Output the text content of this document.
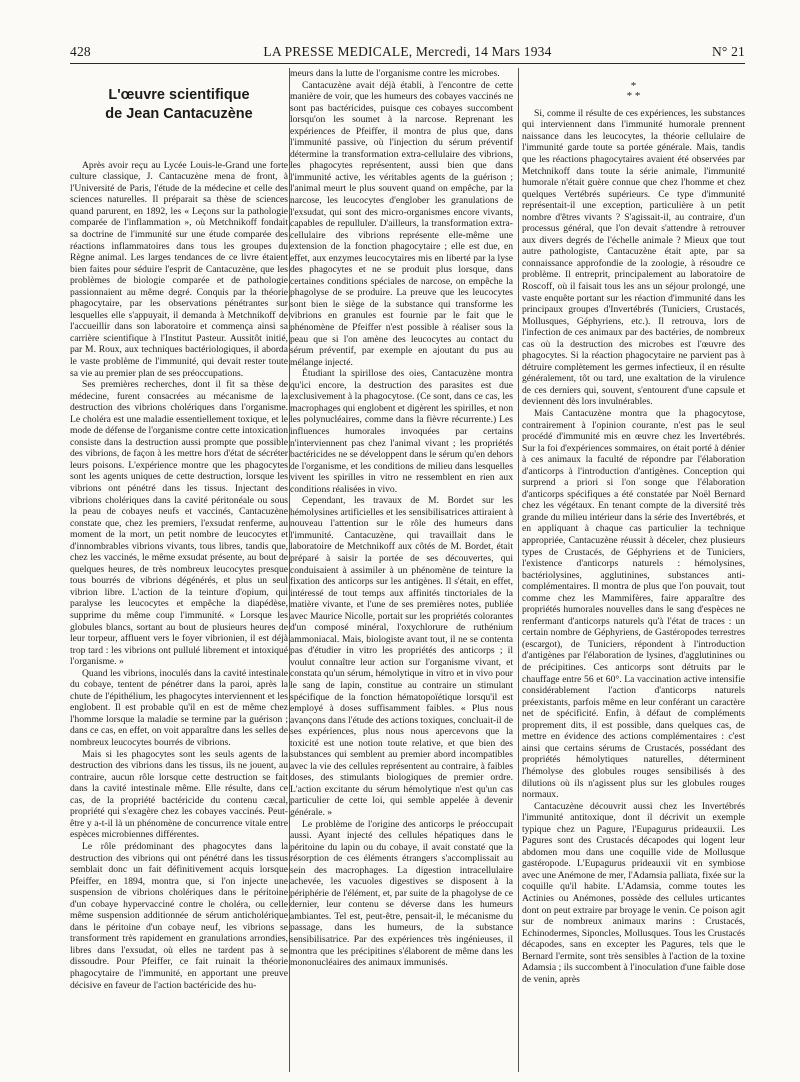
428	LA PRESSE MEDICALE, Mercredi, 14 Mars 1934	N° 21
L'œuvre scientifique
de Jean Cantacuzène

Après avoir reçu au Lycée Louis-le-Grand une forte culture classique, J. Cantacuzène mena de front, à l'Université de Paris, l'étude de la médecine et celle des sciences naturelles. Il préparait sa thèse de sciences quand parurent, en 1892, les « Leçons sur la pathologie comparée de l'inflammation », où Metchnikoff fondait sa doctrine de l'immunité sur une étude comparée des réactions inflammatoires dans tous les groupes du Règne animal. Les larges tendances de ce livre étaient bien faites pour séduire l'esprit de Cantacuzène, que les problèmes de biologie comparée et de pathologie passionnaient au même degré. Conquis par la théorie phagocytaire, par les observations pénétrantes sur lesquelles elle s'appuyait, il demanda à Metchnikoff de l'accueillir dans son laboratoire et commença ainsi sa carrière scientifique à l'Institut Pasteur. Aussitôt initié, par M. Roux, aux techniques bactériologiques, il aborda le vaste problème de l'immunité, qui devait rester toute sa vie au premier plan de ses préoccupations.

Ses premières recherches, dont il fit sa thèse de médecine, furent consacrées au mécanisme de la destruction des vibrions cholériques dans l'organisme. Le choléra est une maladie essentiellement toxique, et le mode de défense de l'organisme contre cette intoxication consiste dans la destruction aussi prompte que possible des vibrions, de façon à les mettre hors d'état de sécréter leurs poisons. L'expérience montre que les phagocytes sont les agents uniques de cette destruction, lorsque les vibrions ont pénétré dans les tissus. Injectant des vibrions cholériques dans la cavité péritonéale ou sous la peau de cobayes neufs et vaccinés, Cantacuzène constate que, chez les premiers, l'exsudat renferme, au moment de la mort, un petit nombre de leucocytes et d'innombrables vibrions vivants, tous libres, tandis que, chez les vaccinés, le même exsudat présente, au bout de quelques heures, de très nombreux leucocytes presque tous bourrés de vibrions dégénérés, et plus un seul vibrion libre. L'action de la teinture d'opium, qui paralyse les leucocytes et empêche la diapédèse, supprime du même coup l'immunité. « Lorsque les globules blancs, sortant au bout de plusieurs heures de leur torpeur, affluent vers le foyer vibrionien, il est déjà trop tard : les vibrions ont pullulé librement et intoxiqué l'organisme. »

Quand les vibrions, inoculés dans la cavité intestinale du cobaye, tentent de pénétrer dans la paroi, après la chute de l'épithélium, les phagocytes interviennent et les englobent. Il est probable qu'il en est de même chez l'homme lorsque la maladie se termine par la guérison ; dans ce cas, en effet, on voit apparaître dans les selles de nombreux leucocytes bourrés de vibrions.

Mais si les phagocytes sont les seuls agents de la destruction des vibrions dans les tissus, ils ne jouent, au contraire, aucun rôle lorsque cette destruction se fait dans la cavité intestinale même. Elle résulte, dans ce cas, de la propriété bactéricide du contenu cæcal, propriété qui s'exagère chez les cobayes vaccinés. Peut-être y a-t-il là un phénomène de concurrence vitale entre espèces microbiennes différentes.

Le rôle prédominant des phagocytes dans la destruction des vibrions qui ont pénétré dans les tissus semblait donc un fait définitivement acquis lorsque Pfeiffer, en 1894, montra que, si l'on injecte une suspension de vibrions cholériques dans le péritoine d'un cobaye hypervacciné contre le choléra, ou celle même suspension additionnée de sérum anticholérique dans le péritoine d'un cobaye neuf, les vibrions se transforment très rapidement en granulations arrondies, libres dans l'exsudat, où elles ne tardent pas à se dissoudre. Pour Pfeiffer, ce fait ruinait la théorie phagocytaire de l'immunité, en apportant une preuve décisive en faveur de l'action bactéricide des hu-

meurs dans la lutte de l'organisme contre les microbes.

Cantacuzène avait déjà établi, à l'encontre de cette manière de voir, que les humeurs des cobayes vaccinés ne sont pas bactéricides, puisque ces cobayes succombent lorsqu'on les soumet à la narcose. Reprenant les expériences de Pfeiffer, il montra de plus que, dans l'immunité passive, où l'injection du sérum préventif détermine la transformation extra-cellulaire des vibrions, les phagocytes représentent, aussi bien que dans l'immunité active, les véritables agents de la guérison ; l'animal meurt le plus souvent quand on empêche, par la narcose, les leucocytes d'englober les granulations de l'exsudat, qui sont des micro-organismes encore vivants, capables de repulluler. D'ailleurs, la transformation extra-cellulaire des vibrions représente elle-même une extension de la fonction phagocytaire ; elle est due, en effet, aux enzymes leucocytaires mis en liberté par la lyse des phagocytes et ne se produit plus lorsque, dans certaines conditions spéciales de narcose, on empêche la phagolyse de se produire. La preuve que les leucocytes sont bien le siège de la substance qui transforme les vibrions en granules est fournie par le fait que le phénomène de Pfeiffer n'est possible à réaliser sous la peau que si l'on amène des leucocytes au contact du sérum préventif, par exemple en ajoutant du pus au mélange injecté.

Étudiant la spirillose des oies, Cantacuzène montra qu'ici encore, la destruction des parasites est due exclusivement à la phagocytose. (Ce sont, dans ce cas, les macrophages qui englobent et digèrent les spirilles, et non les polynucléaires, comme dans la fièvre récurrente.) Les influences humorales invoquées par certains n'interviennent pas chez l'animal vivant ; les propriétés bactéricides ne se développent dans le sérum qu'en dehors de l'organisme, et les conditions de milieu dans lesquelles vivent les spirilles in vitro ne ressemblent en rien aux conditions réalisées in vivo.

Cependant, les travaux de M. Bordet sur les hémolysines artificielles et les sensibilisatrices attiraient à nouveau l'attention sur le rôle des humeurs dans l'immunité. Cantacuzène, qui travaillait dans le laboratoire de Metchnikoff aux côtés de M. Bordet, était préparé à saisir la portée de ses découvertes, qui conduisaient à assimiler à un phénomène de teinture la fixation des anticorps sur les antigènes. Il s'était, en effet, intéressé de tout temps aux affinités tinctoriales de la matière vivante, et l'une de ses premières notes, publiée avec Maurice Nicolle, portait sur les propriétés colorantes d'un composé minéral, l'oxychlorure de ruthénium ammoniacal. Mais, biologiste avant tout, il ne se contenta pas d'étudier in vitro les propriétés des anticorps ; il voulut connaître leur action sur l'organisme vivant, et constata qu'un sérum, hémolytique in vitro et in vivo pour le sang de lapin, constitue au contraire un stimulant spécifique de la fonction hématopoïétique lorsqu'il est employé à doses suffisamment faibles. « Plus nous avançons dans l'étude des actions toxiques, concluait-il de ses expériences, plus nous nous apercevons que la toxicité est une notion toute relative, et que bien des substances qui semblent au premier abord incompatibles avec la vie des cellules représentent au contraire, à faibles doses, des stimulants biologiques de premier ordre. L'action excitante du sérum hémolytique n'est qu'un cas particulier de cette loi, qui semble appelée à devenir générale. »

Le problème de l'origine des anticorps le préoccupait aussi. Ayant injecté des cellules hépatiques dans le péritoine du lapin ou du cobaye, il avait constaté que la résorption de ces éléments étrangers s'accomplissait au sein des macrophages. La digestion intracellulaire achevée, les vacuoles digestives se disposent à la périphérie de l'élément, et, par suite de la phagolyse de ce dernier, leur contenu se déverse dans les humeurs ambiantes. Tel est, peut-être, pensait-il, le mécanisme du passage, dans les humeurs, de la substance sensibilisatrice. Par des expériences très ingénieuses, il montra que les précipitines s'élaborent de même dans les mononucléaires des animaux immunisés.

*
* *

Si, comme il résulte de ces expériences, les substances qui interviennent dans l'immunité humorale prennent naissance dans les leucocytes, la théorie cellulaire de l'immunité garde toute sa portée générale. Mais, tandis que les réactions phagocytaires avaient été observées par Metchnikoff dans toute la série animale, l'immunité humorale n'était guère connue que chez l'homme et chez quelques Vertébrés supérieurs. Ce type d'immunité représentait-il une exception, particulière à un petit nombre d'êtres vivants ? S'agissait-il, au contraire, d'un processus général, que l'on devait s'attendre à retrouver aux divers degrés de l'échelle animale ? Mieux que tout autre pathologiste, Cantacuzène était apte, par sa connaissance approfondie de la zoologie, à résoudre ce problème. Il entreprit, principalement au laboratoire de Roscoff, où il faisait tous les ans un séjour prolongé, une vaste enquête portant sur les réaction d'immunité dans les principaux groupes d'Invertébrés (Tuniciers, Crustacés, Mollusques, Géphyriens, etc.). Il retrouva, lors de l'infection de ces animaux par des bactéries, de nombreux cas où la destruction des microbes est l'œuvre des phagocytes. Si la réaction phagocytaire ne parvient pas à détruire complètement les germes infectieux, il en résulte généralement, tôt ou tard, une exaltation de la virulence de ces derniers qui, souvent, s'entourent d'une capsule et deviennent dès lors invulnérables.

Mais Cantacuzène montra que la phagocytose, contrairement à l'opinion courante, n'est pas le seul procédé d'immunité mis en œuvre chez les Invertébrés. Sur la foi d'expériences sommaires, on était porté à dénier à ces animaux la faculté de répondre par l'élaboration d'anticorps à l'introduction d'antigènes. Conception qui surprend a priori si l'on songe que l'élaboration d'anticorps spécifiques a été constatée par Noël Bernard chez les végétaux. En tenant compte de la diversité très grande du milieu intérieur dans la série des Invertébrés, et en appliquant à chaque cas particulier la technique appropriée, Cantacuzène réussit à déceler, chez plusieurs types de Crustacés, de Géphyriens et de Tuniciers, l'existence d'anticorps naturels : hémolysines, bactériolysines, agglutinines, substances anti-complémentaires. Il montra de plus que l'on pouvait, tout comme chez les Mammifères, faire apparaître des propriétés humorales nouvelles dans le sang d'espèces ne renfermant d'anticorps naturels qu'à l'état de traces : un certain nombre de Géphyriens, de Gastéropodes terrestres (escargot), de Tuniciers, répondent à l'introduction d'antigènes par l'élaboration de lysines, d'agglutinines ou de précipitines. Ces anticorps sont détruits par le chauffage entre 56 et 60°. La vaccination active intensifie considérablement l'action d'anticorps naturels préexistants, parfois même en leur conférant un caractère net de spécificité. Enfin, à défaut de compléments proprement dits, il est possible, dans quelques cas, de mettre en évidence des actions complémentaires : c'est ainsi que certains sérums de Crustacés, possédant des propriétés hémolytiques naturelles, déterminent l'hémolyse des globules rouges sensibilisés à des dilutions où ils n'agissent plus sur les globules rouges normaux.

Cantacuzène découvrit aussi chez les Invertébrés l'immunité antitoxique, dont il décrivit un exemple typique chez un Pagure, l'Eupagurus prideauxii. Les Pagures sont des Crustacés décapodes qui logent leur abdomen mou dans une coquille vide de Mollusque gastéropode. L'Eupagurus prideauxii vit en symbiose avec une Anémone de mer, l'Adamsia palliata, fixée sur la coquille qu'il habite. L'Adamsia, comme toutes les Actinies ou Anémones, possède des cellules urticantes dont on peut extraire par broyage le venin. Ce poison agit sur de nombreux animaux marins : Crustacés, Echinodermes, Siponcles, Mollusques. Tous les Crustacés décapodes, sans en excepter les Pagures, tels que le Bernard l'ermite, sont très sensibles à l'action de la toxine Adamsia ; ils succombent à l'inoculation d'une faible dose de venin, après
